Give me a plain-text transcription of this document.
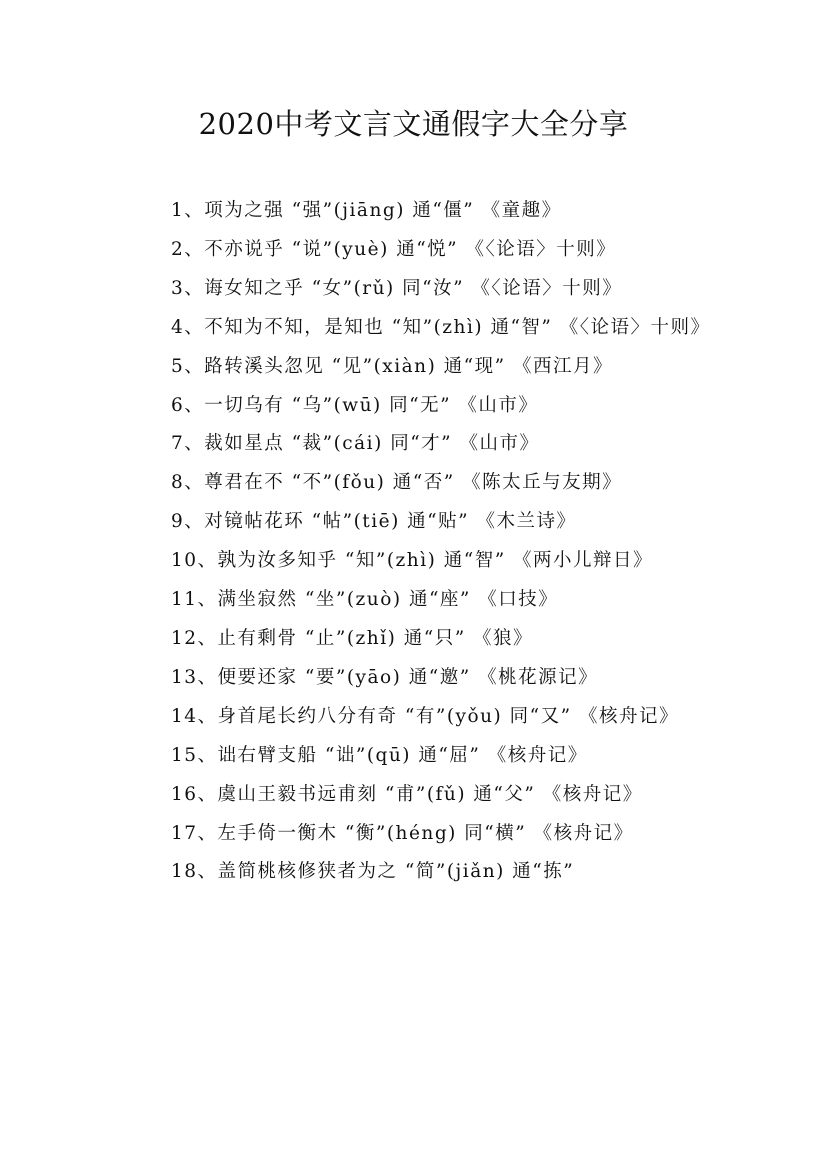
2020中考文言文通假字大全分享

1、项为之强 “强”(jiāng) 通“僵” 《童趣》

2、不亦说乎 “说”(yuè) 通“悦” 《〈论语〉十则》

3、诲女知之乎 “女”(rǔ) 同“汝” 《〈论语〉十则》

4、不知为不知，是知也 “知”(zhì) 通“智” 《〈论语〉十则》

5、路转溪头忽见 “见”(xiàn) 通“现” 《西江月》

6、一切乌有 “乌”(wū) 同“无” 《山市》

7、裁如星点 “裁”(cái) 同“才” 《山市》

8、尊君在不 “不”(fǒu) 通“否” 《陈太丘与友期》

9、对镜帖花环 “帖”(tiē) 通“贴” 《木兰诗》

10、孰为汝多知乎 “知”(zhì) 通“智” 《两小儿辩日》

11、满坐寂然 “坐”(zuò) 通“座” 《口技》

12、止有剩骨 “止”(zhǐ) 通“只” 《狼》

13、便要还家 “要”(yāo) 通“邀” 《桃花源记》

14、身首尾长约八分有奇 “有”(yǒu) 同“又” 《核舟记》

15、诎右臂支船 “诎”(qū) 通“屈” 《核舟记》

16、虞山王毅书远甫刻 “甫”(fǔ) 通“父” 《核舟记》

17、左手倚一衡木 “衡”(héng) 同“横” 《核舟记》

18、盖简桃核修狭者为之 “简”(jiǎn) 通“拣”
